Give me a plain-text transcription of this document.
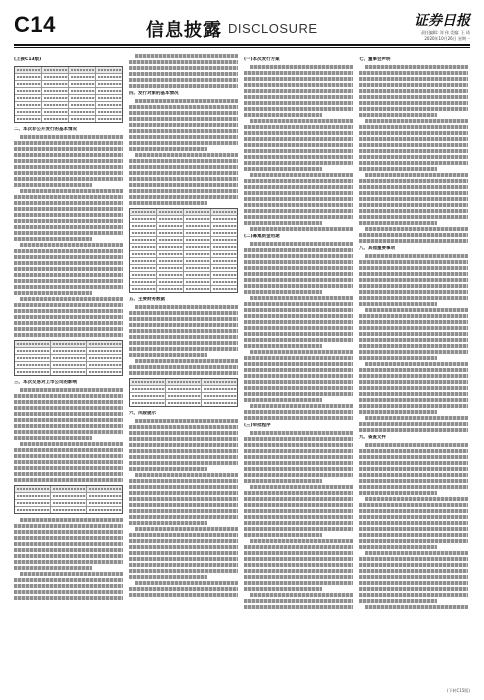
C14	信息披露 DISCLOSURE	证券日报
责任编辑: 刘 伟 美编: 王 琦
2020年10月26日 星期一
(上接C13版)
二、本次非公开发行的基本情况
三、本次交易对上市公司的影响
四、发行对象的基本情况
五、主要财务数据
六、风险提示
(一)本次发行方案
(二)募集资金用途
(三)审批程序
七、董事会声明
八、其他重要事项
九、备查文件
(下转C15版)
